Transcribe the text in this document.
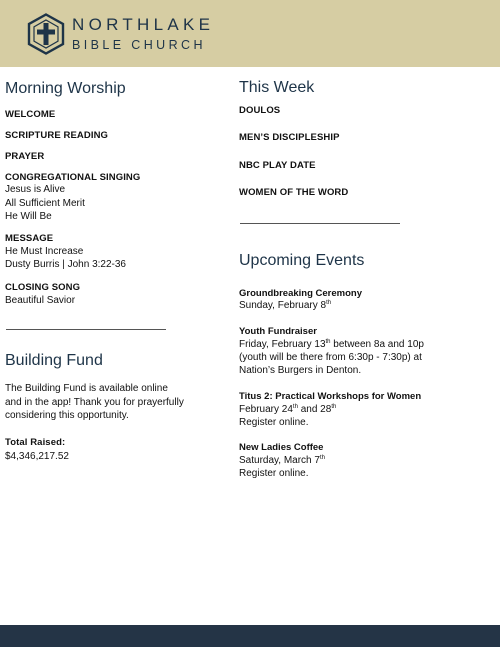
NORTHLAKE
BIBLE CHURCH
Morning Worship
WELCOME
SCRIPTURE READING
PRAYER
CONGREGATIONAL SINGING
Jesus is Alive
All Sufficient Merit
He Will Be
MESSAGE
He Must Increase
Dusty Burris | John 3:22-36
CLOSING SONG
Beautiful Savior
Building Fund
The Building Fund is available online
and in the app! Thank you for prayerfully
considering this opportunity.
Total Raised:
$4,346,217.52
This Week
DOULOS
MEN’S DISCIPLESHIP
NBC PLAY DATE
WOMEN OF THE WORD
Upcoming Events
Groundbreaking Ceremony
Sunday, February 8th
Youth Fundraiser
Friday, February 13th between 8a and 10p
(youth will be there from 6:30p - 7:30p) at
Nation’s Burgers in Denton.
Titus 2: Practical Workshops for Women
February 24th and 28th
Register online.
New Ladies Coffee
Saturday, March 7th
Register online.
